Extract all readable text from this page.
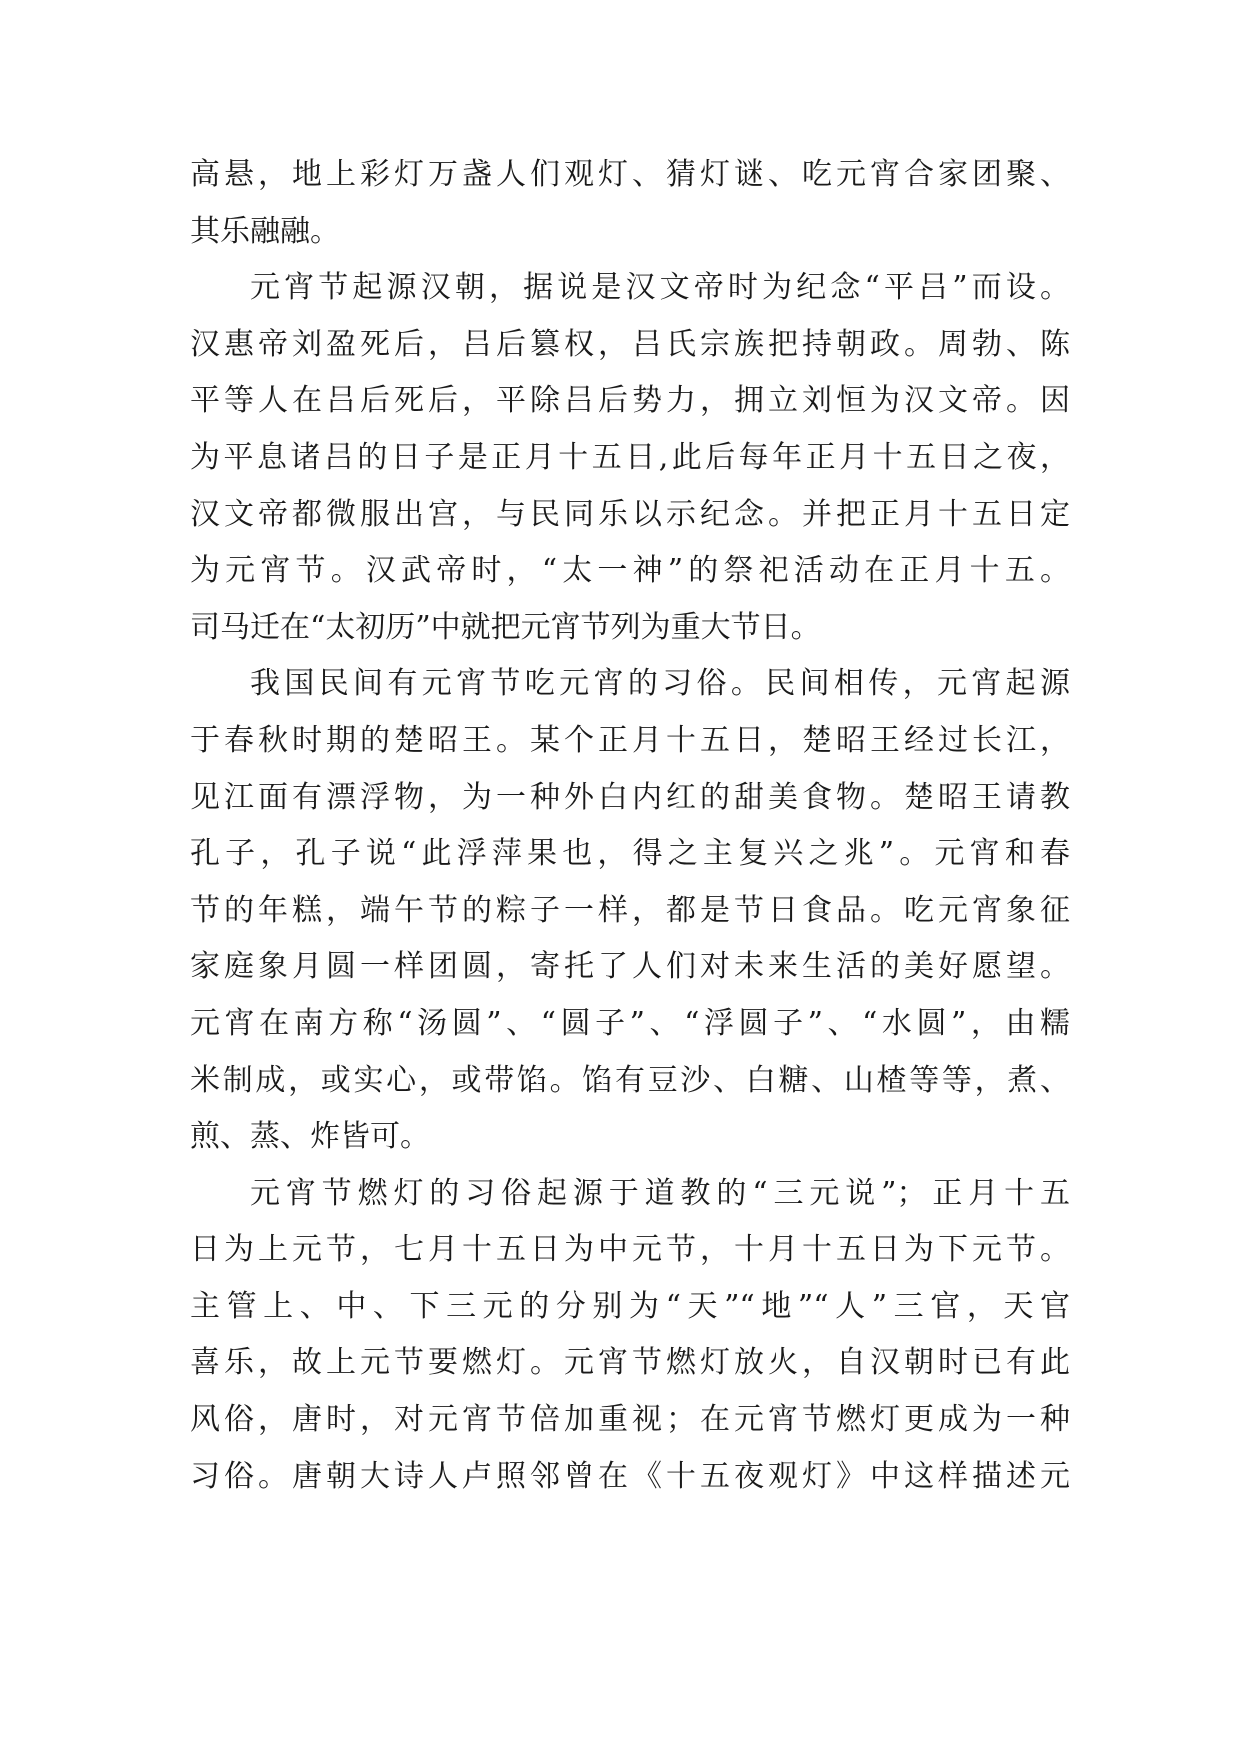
高悬，地上彩灯万盏人们观灯、猜灯谜、吃元宵合家团聚、
其乐融融。
元宵节起源汉朝，据说是汉文帝时为纪念“平吕”而设。
汉惠帝刘盈死后，吕后篡权，吕氏宗族把持朝政。周勃、陈
平等人在吕后死后，平除吕后势力，拥立刘恒为汉文帝。因
为平息诸吕的日子是正月十五日,此后每年正月十五日之夜，
汉文帝都微服出宫，与民同乐以示纪念。并把正月十五日定
为元宵节。汉武帝时，“太一神”的祭祀活动在正月十五。
司马迁在“太初历”中就把元宵节列为重大节日。
我国民间有元宵节吃元宵的习俗。民间相传，元宵起源
于春秋时期的楚昭王。某个正月十五日，楚昭王经过长江，
见江面有漂浮物，为一种外白内红的甜美食物。楚昭王请教
孔子，孔子说“此浮萍果也，得之主复兴之兆”。元宵和春
节的年糕，端午节的粽子一样，都是节日食品。吃元宵象征
家庭象月圆一样团圆，寄托了人们对未来生活的美好愿望。
元宵在南方称“汤圆”、“圆子”、“浮圆子”、“水圆”，由糯
米制成，或实心，或带馅。馅有豆沙、白糖、山楂等等，煮、
煎、蒸、炸皆可。
元宵节燃灯的习俗起源于道教的“三元说”；正月十五
日为上元节，七月十五日为中元节，十月十五日为下元节。
主管上、中、下三元的分别为“天”“地”“人”三官，天官
喜乐，故上元节要燃灯。元宵节燃灯放火，自汉朝时已有此
风俗，唐时，对元宵节倍加重视；在元宵节燃灯更成为一种
习俗。唐朝大诗人卢照邻曾在《十五夜观灯》中这样描述元
